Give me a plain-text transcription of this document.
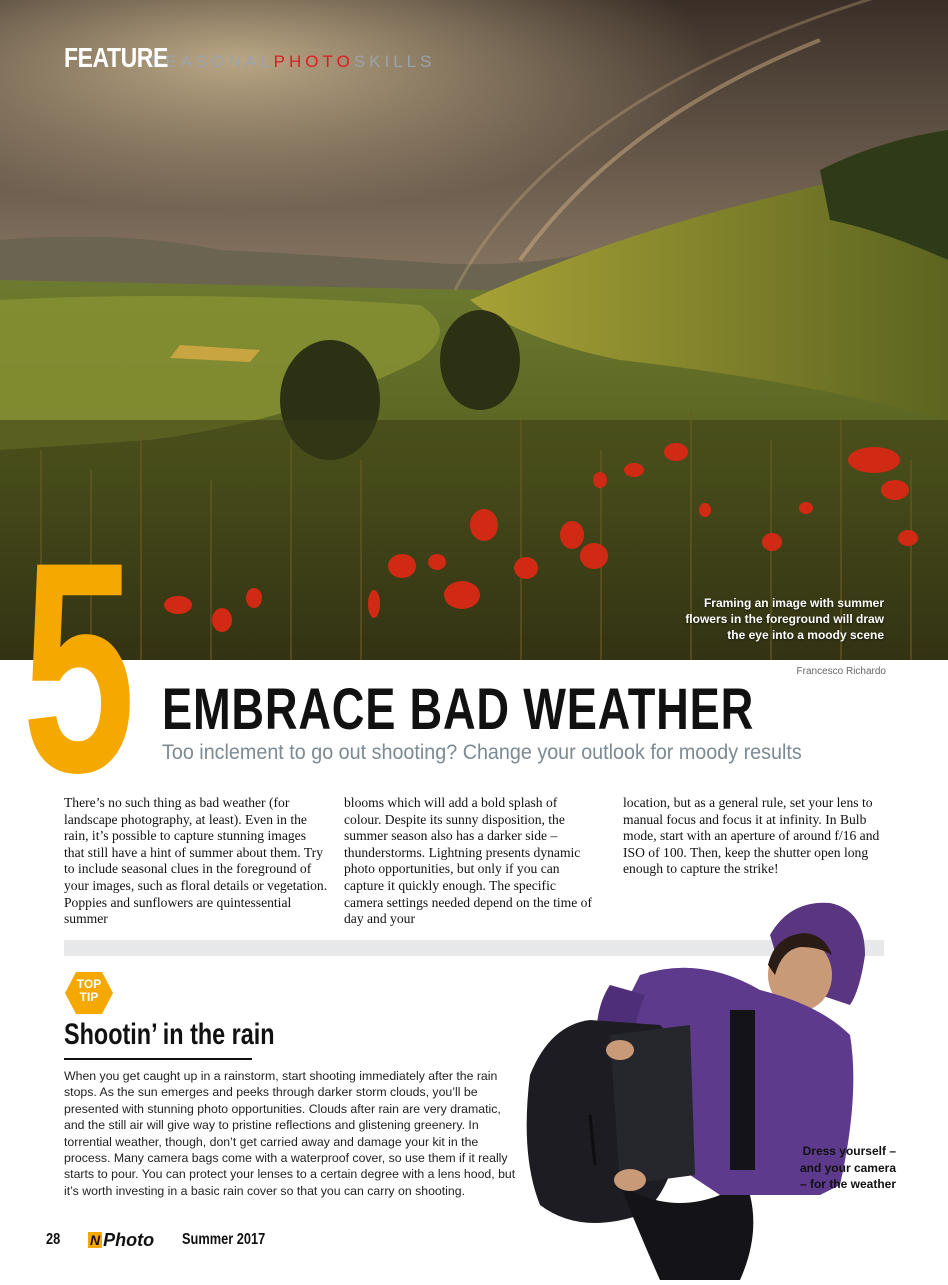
FEATURE
SEASONALPHOTOSKILLS
Framing an image with summer flowers in the foreground will draw the eye into a moody scene
Francesco Richardo
5 EMBRACE BAD WEATHER
Too inclement to go out shooting? Change your outlook for moody results
There’s no such thing as bad weather (for landscape photography, at least). Even in the rain, it’s possible to capture stunning images that still have a hint of summer about them. Try to include seasonal clues in the foreground of your images, such as floral details or vegetation. Poppies and sunflowers are quintessential summer
blooms which will add a bold splash of colour. Despite its sunny disposition, the summer season also has a darker side – thunderstorms. Lightning presents dynamic photo opportunities, but only if you can capture it quickly enough. The specific camera settings needed depend on the time of day and your
location, but as a general rule, set your lens to manual focus and focus it at infinity. In Bulb mode, start with an aperture of around f/16 and ISO of 100. Then, keep the shutter open long enough to capture the strike!
TOP
TIP
Shootin’ in the rain
When you get caught up in a rainstorm, start shooting immediately after the rain stops. As the sun emerges and peeks through darker storm clouds, you’ll be presented with stunning photo opportunities. Clouds after rain are very dramatic, and the still air will give way to pristine reflections and glistening greenery. In torrential weather, though, don’t get carried away and damage your kit in the process. Many camera bags come with a waterproof cover, so use them if it really starts to pour. You can protect your lenses to a certain degree with a lens hood, but it’s worth investing in a basic rain cover so that you can carry on shooting.
Dress yourself – and your camera – for the weather
28	N Photo Summer 2017
